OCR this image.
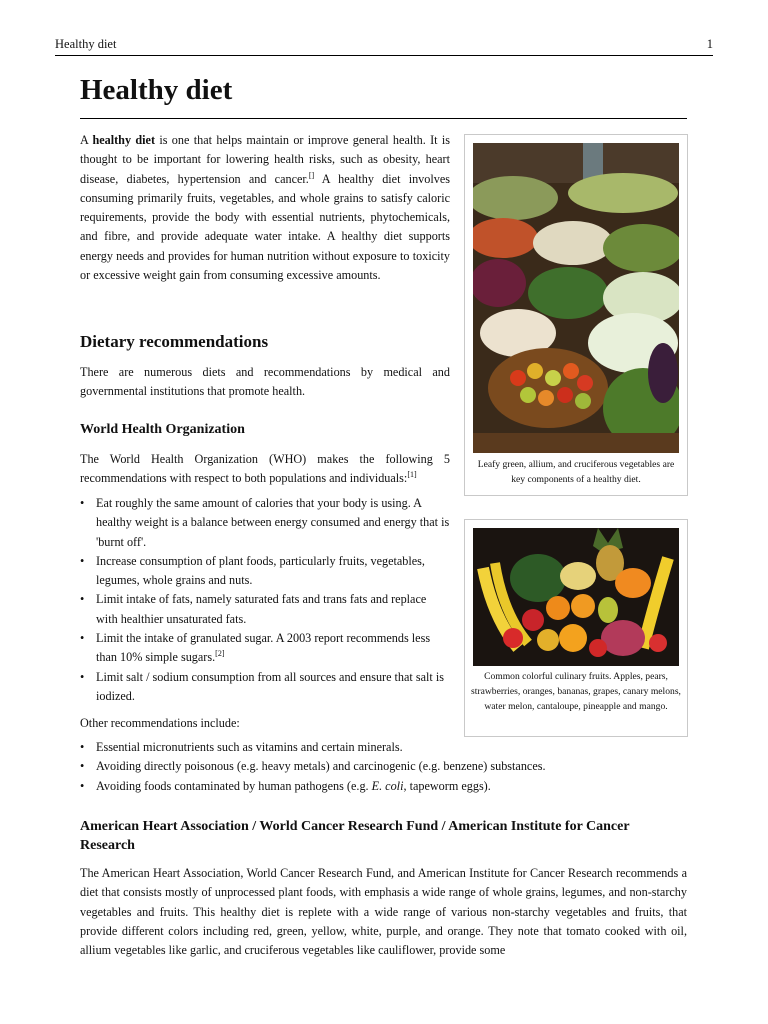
Healthy diet	1
Healthy diet

A healthy diet is one that helps maintain or improve general health. It is thought to be important for lowering health risks, such as obesity, heart disease, diabetes, hypertension and cancer.[] A healthy diet involves consuming primarily fruits, vegetables, and whole grains to satisfy caloric requirements, provide the body with essential nutrients, phytochemicals, and fibre, and provide adequate water intake. A healthy diet supports energy needs and provides for human nutrition without exposure to toxicity or excessive weight gain from consuming excessive amounts.

Dietary recommendations

There are numerous diets and recommendations by medical and governmental institutions that promote health.

World Health Organization

The World Health Organization (WHO) makes the following 5 recommendations with respect to both populations and individuals:[1]

• Eat roughly the same amount of calories that your body is using. A healthy weight is a balance between energy consumed and energy that is 'burnt off'.
• Increase consumption of plant foods, particularly fruits, vegetables, legumes, whole grains and nuts.
• Limit intake of fats, namely saturated fats and trans fats and replace with healthier unsaturated fats.
• Limit the intake of granulated sugar. A 2003 report recommends less than 10% simple sugars.[2]
• Limit salt / sodium consumption from all sources and ensure that salt is iodized.

Other recommendations include:

• Essential micronutrients such as vitamins and certain minerals.
• Avoiding directly poisonous (e.g. heavy metals) and carcinogenic (e.g. benzene) substances.
• Avoiding foods contaminated by human pathogens (e.g. E. coli, tapeworm eggs).
American Heart Association / World Cancer Research Fund / American Institute for Cancer Research

The American Heart Association, World Cancer Research Fund, and American Institute for Cancer Research recommends a diet that consists mostly of unprocessed plant foods, with emphasis a wide range of whole grains, legumes, and non-starchy vegetables and fruits. This healthy diet is replete with a wide range of various non-starchy vegetables and fruits, that provide different colors including red, green, yellow, white, purple, and orange. They note that tomato cooked with oil, allium vegetables like garlic, and cruciferous vegetables like cauliflower, provide some

Leafy green, allium, and cruciferous vegetables are key components of a healthy diet.
Common colorful culinary fruits. Apples, pears, strawberries, oranges, bananas, grapes, canary melons, water melon, cantaloupe, pineapple and mango.
